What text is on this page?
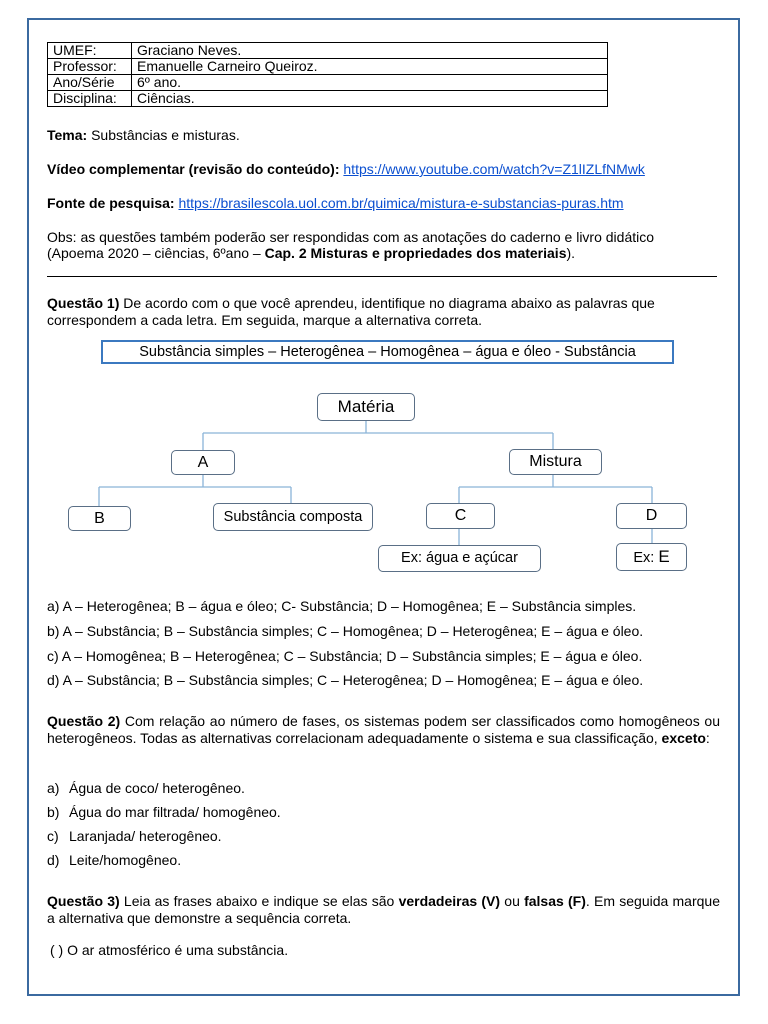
UMEF:	Graciano Neves.
Professor:	Emanuelle Carneiro Queiroz.
Ano/Série	6º ano.
Disciplina:	Ciências.
Tema: Substâncias e misturas.
Vídeo complementar (revisão do conteúdo): https://www.youtube.com/watch?v=Z1lIZLfNMwk
Fonte de pesquisa: https://brasilescola.uol.com.br/quimica/mistura-e-substancias-puras.htm
Obs: as questões também poderão ser respondidas com as anotações do caderno e livro didático
(Apoema 2020 – ciências, 6ºano – Cap. 2 Misturas e propriedades dos materiais).
Questão 1) De acordo com o que você aprendeu, identifique no diagrama abaixo as palavras que correspondem a cada letra. Em seguida, marque a alternativa correta.
Substância simples – Heterogênea – Homogênea – água e óleo - Substância
Matéria
A	Mistura
B	Substância composta	C	D
Ex: água e açúcar	Ex: E
a) A – Heterogênea; B – água e óleo; C- Substância; D – Homogênea; E – Substância simples.
b) A – Substância; B – Substância simples; C – Homogênea; D – Heterogênea; E – água e óleo.
c) A – Homogênea; B – Heterogênea; C – Substância; D – Substância simples; E – água e óleo.
d) A – Substância; B – Substância simples; C – Heterogênea; D – Homogênea; E – água e óleo.
Questão 2) Com relação ao número de fases, os sistemas podem ser classificados como homogêneos ou heterogêneos. Todas as alternativas correlacionam adequadamente o sistema e sua classificação, exceto:
a) Água de coco/ heterogêneo.
b) Água do mar filtrada/ homogêneo.
c) Laranjada/ heterogêneo.
d) Leite/homogêneo.
Questão 3) Leia as frases abaixo e indique se elas são verdadeiras (V) ou falsas (F). Em seguida marque a alternativa que demonstre a sequência correta.
( ) O ar atmosférico é uma substância.
